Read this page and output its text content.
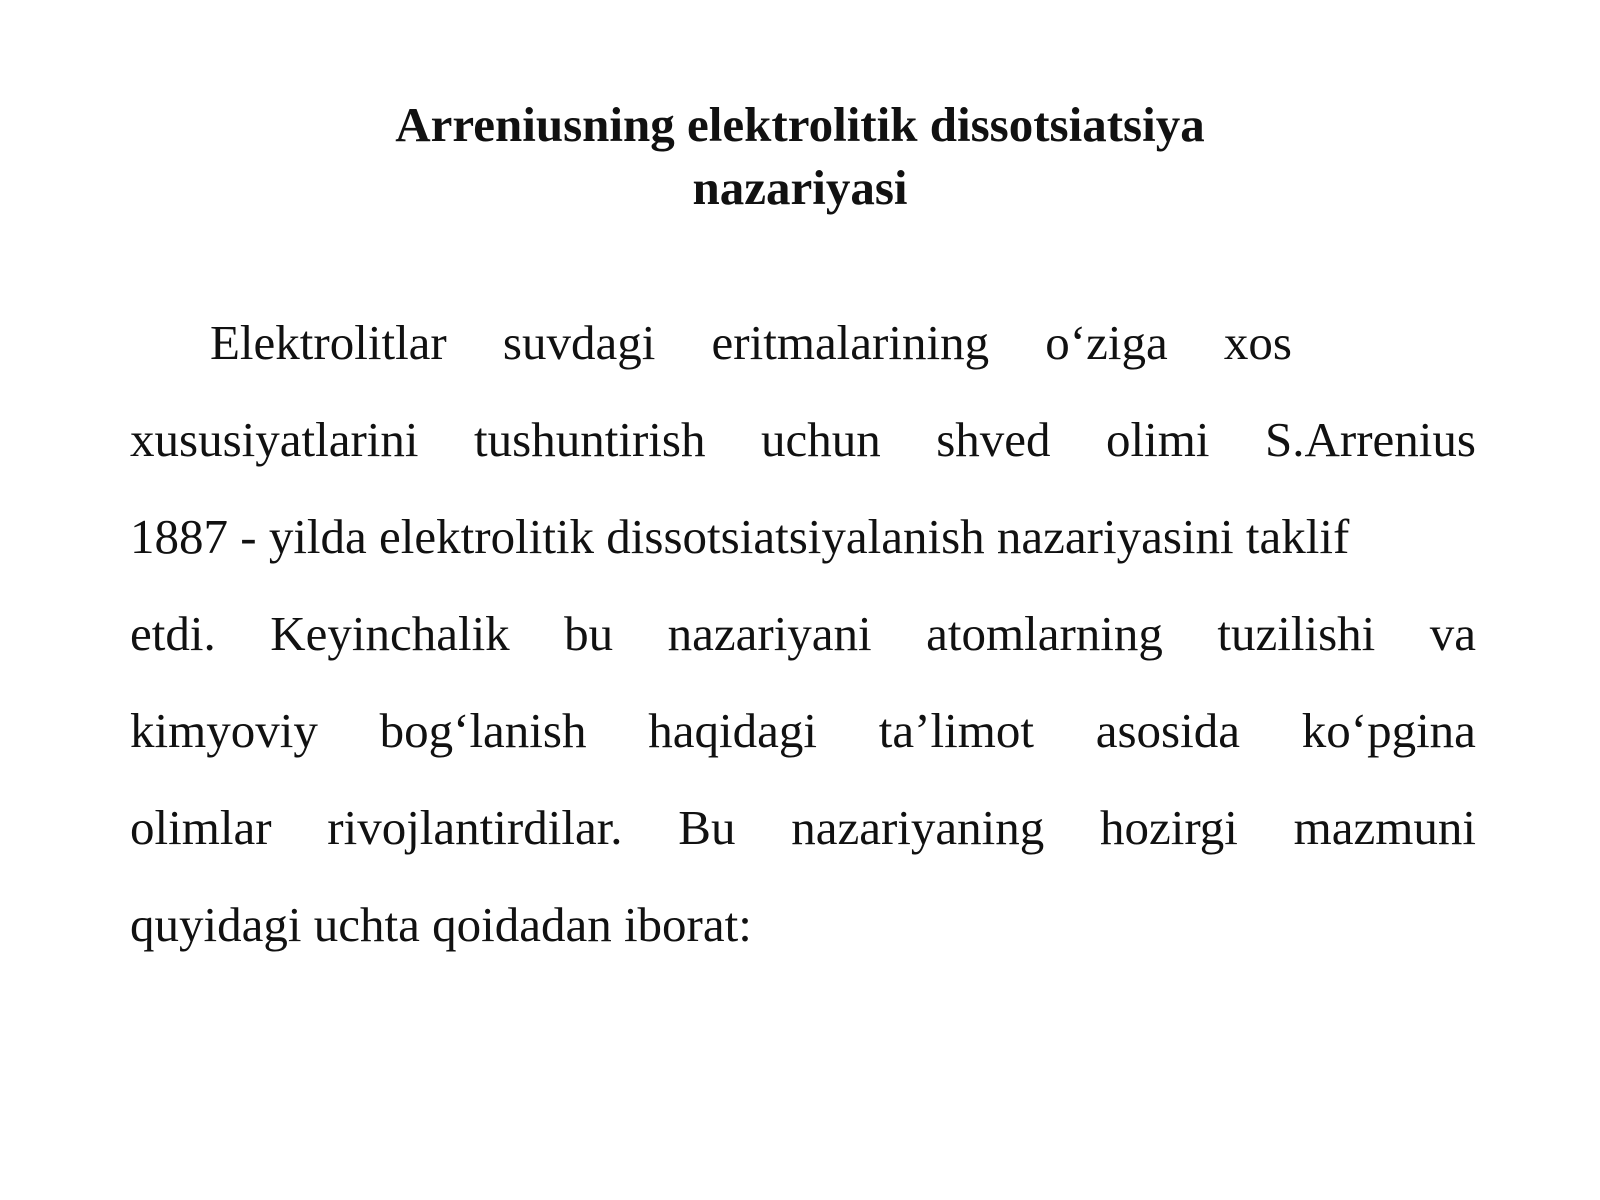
Arreniusning elektrolitik dissotsiatsiya
nazariyasi
Elektrolitlar suvdagi eritmalarining o‘ziga xos
xususiyatlarini tushuntirish uchun shved olimi S.Arrenius
1887 - yilda elektrolitik dissotsiatsiyalanish nazariyasini taklif
etdi. Keyinchalik bu nazariyani atomlarning tuzilishi va
kimyoviy bog‘lanish haqidagi ta’limot asosida ko‘pgina
olimlar rivojlantirdilar. Bu nazariyaning hozirgi mazmuni
quyidagi uchta qoidadan iborat:
